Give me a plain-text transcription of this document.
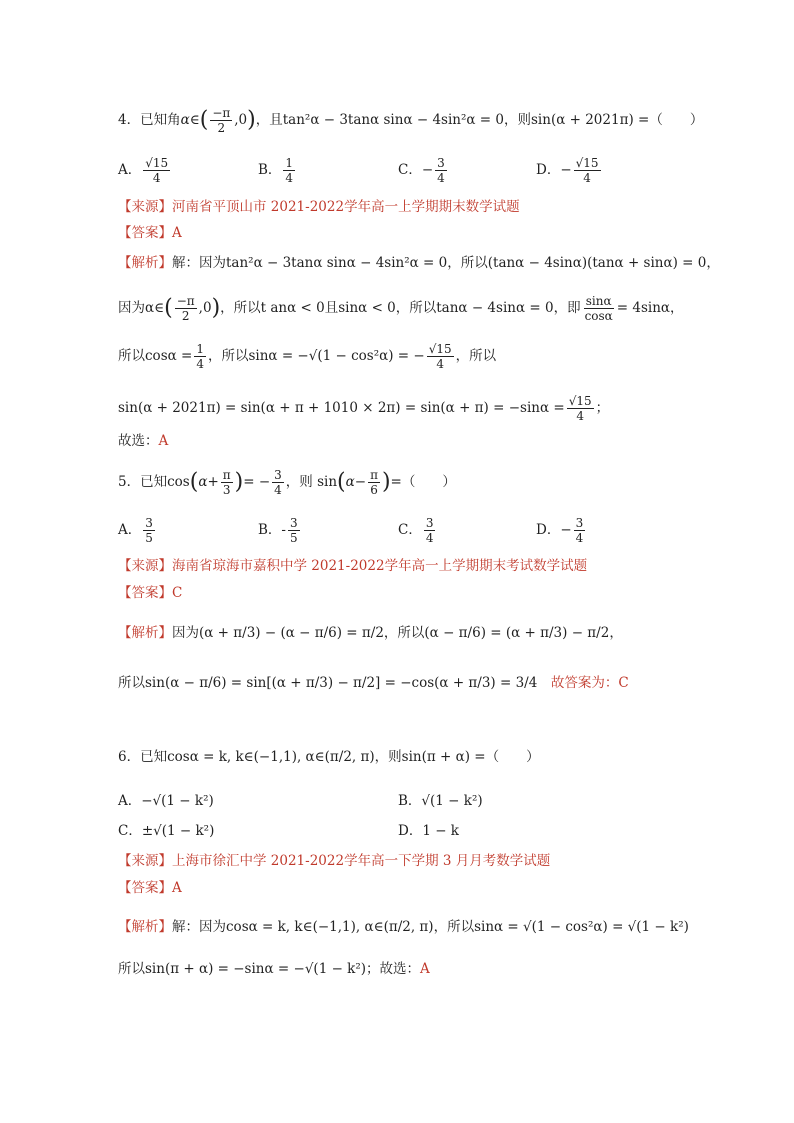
4．已知角α∈( $\frac{-\pi}{2} ,0$)，且tan²α − 3tanα sinα − 4sin²α = 0，则sin(α + 2021π) =（　　）
A． $\frac{√15}{4}$	B． $\frac{1}{4}$	C．− $\frac{3}{4}$	D．− $\frac{√15}{4}$
【来源】河南省平顶山市 2021-2022学年高一上学期期末数学试题
【答案】A
【解析】解：因为tan²α − 3tanα sinα − 4sin²α = 0，所以(tanα − 4sinα)(tanα + sinα) = 0，
因为α∈( $\frac{-\pi}{2} ,0$)，所以t anα < 0且sinα < 0，所以tanα − 4sinα = 0，即 $\frac{\sin\alpha}{\cos\alpha} = 4\sin\alpha$，
所以$\cos\alpha = \frac{1}{4}$ ，所以sinα = −√(1 − cos²α) = − $\frac{√15}{4}$ ，所以
$\sin(\alpha + 2021\pi) = \sin(\alpha + \pi + 1010 \times 2\pi) = \sin(\alpha + \pi) = -\sin\alpha = \frac{√15}{4}$ ；
故选：A
5．已知$\cos(\alpha+ \frac{\pi}{3}$ )= − $\frac{3}{4}$ ，则 $\sin(\alpha- \frac{\pi}{6}$ )=（　　）
A． $\frac{3}{5}$	B．- $\frac{3}{5}$	C． $\frac{3}{4}$	D．− $\frac{3}{4}$
【来源】海南省琼海市嘉积中学 2021-2022学年高一上学期期末考试数学试题
【答案】C
【解析】因为(α + π/3) − (α − π/6) = π/2，所以(α − π/6) = (α + π/3) − π/2，
所以sin(α − π/6) = sin[(α + π/3) − π/2] = −cos(α + π/3) = 3/4　 故答案为：C
6．已知cosα = k, k∈(−1,1), α∈(π/2, π)，则sin(π + α) =（　　）
A．−√(1 − k²)	B．√(1 − k²)
C．±√(1 − k²)	D．1 − k
【来源】上海市徐汇中学 2021-2022学年高一下学期 3 月月考数学试题
【答案】A
【解析】解：因为cosα = k, k∈(−1,1), α∈(π/2, π)，所以sinα = √(1 − cos²α) = √(1 − k²)
所以sin(π + α) = −sinα = −√(1 − k²)；故选：A
